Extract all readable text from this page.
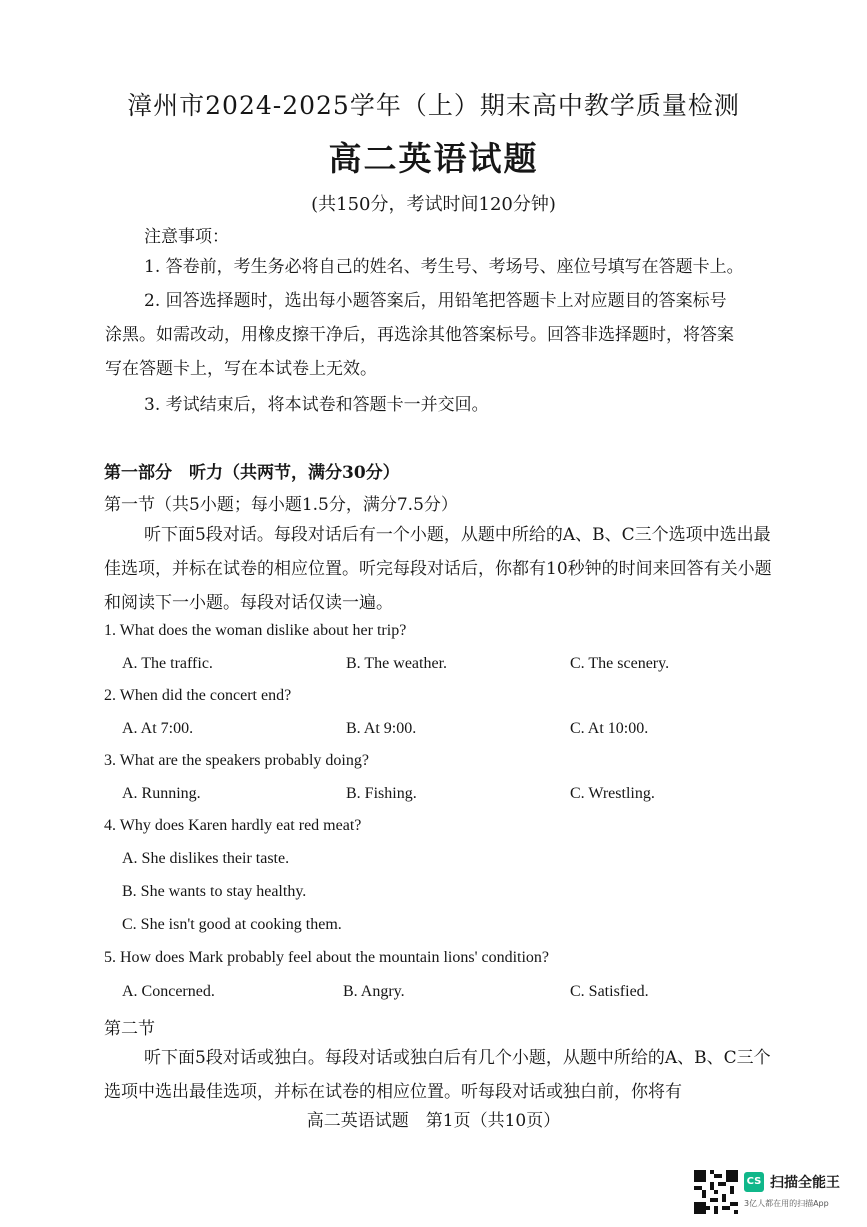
漳州市2024-2025学年（上）期末高中教学质量检测
高二英语试题
(共150分，考试时间120分钟)
注意事项：
1. 答卷前，考生务必将自己的姓名、考生号、考场号、座位号填写在答题卡上。
2. 回答选择题时，选出每小题答案后，用铅笔把答题卡上对应题目的答案标号
涂黑。如需改动，用橡皮擦干净后，再选涂其他答案标号。回答非选择题时，将答案
写在答题卡上，写在本试卷上无效。
3. 考试结束后，将本试卷和答题卡一并交回。
第一部分　听力（共两节，满分30分）
第一节（共5小题；每小题1.5分，满分7.5分）
听下面5段对话。每段对话后有一个小题，从题中所给的A、B、C三个选项中选出最佳选项，并标在试卷的相应位置。听完每段对话后，你都有10秒钟的时间来回答有关小题和阅读下一小题。每段对话仅读一遍。
1. What does the woman dislike about her trip?
A. The traffic.	B. The weather.	C. The scenery.
2. When did the concert end?
A. At 7:00.	B. At 9:00.	C. At 10:00.
3. What are the speakers probably doing?
A. Running.	B. Fishing.	C. Wrestling.
4. Why does Karen hardly eat red meat?
A. She dislikes their taste.
B. She wants to stay healthy.
C. She isn't good at cooking them.
5. How does Mark probably feel about the mountain lions' condition?
A. Concerned.	B. Angry.	C. Satisfied.
第二节
听下面5段对话或独白。每段对话或独白后有几个小题，从题中所给的A、B、C三个选项中选出最佳选项，并标在试卷的相应位置。听每段对话或独白前，你将有
高二英语试题　第1页（共10页）
CS 扫描全能王
3亿人都在用的扫描App
